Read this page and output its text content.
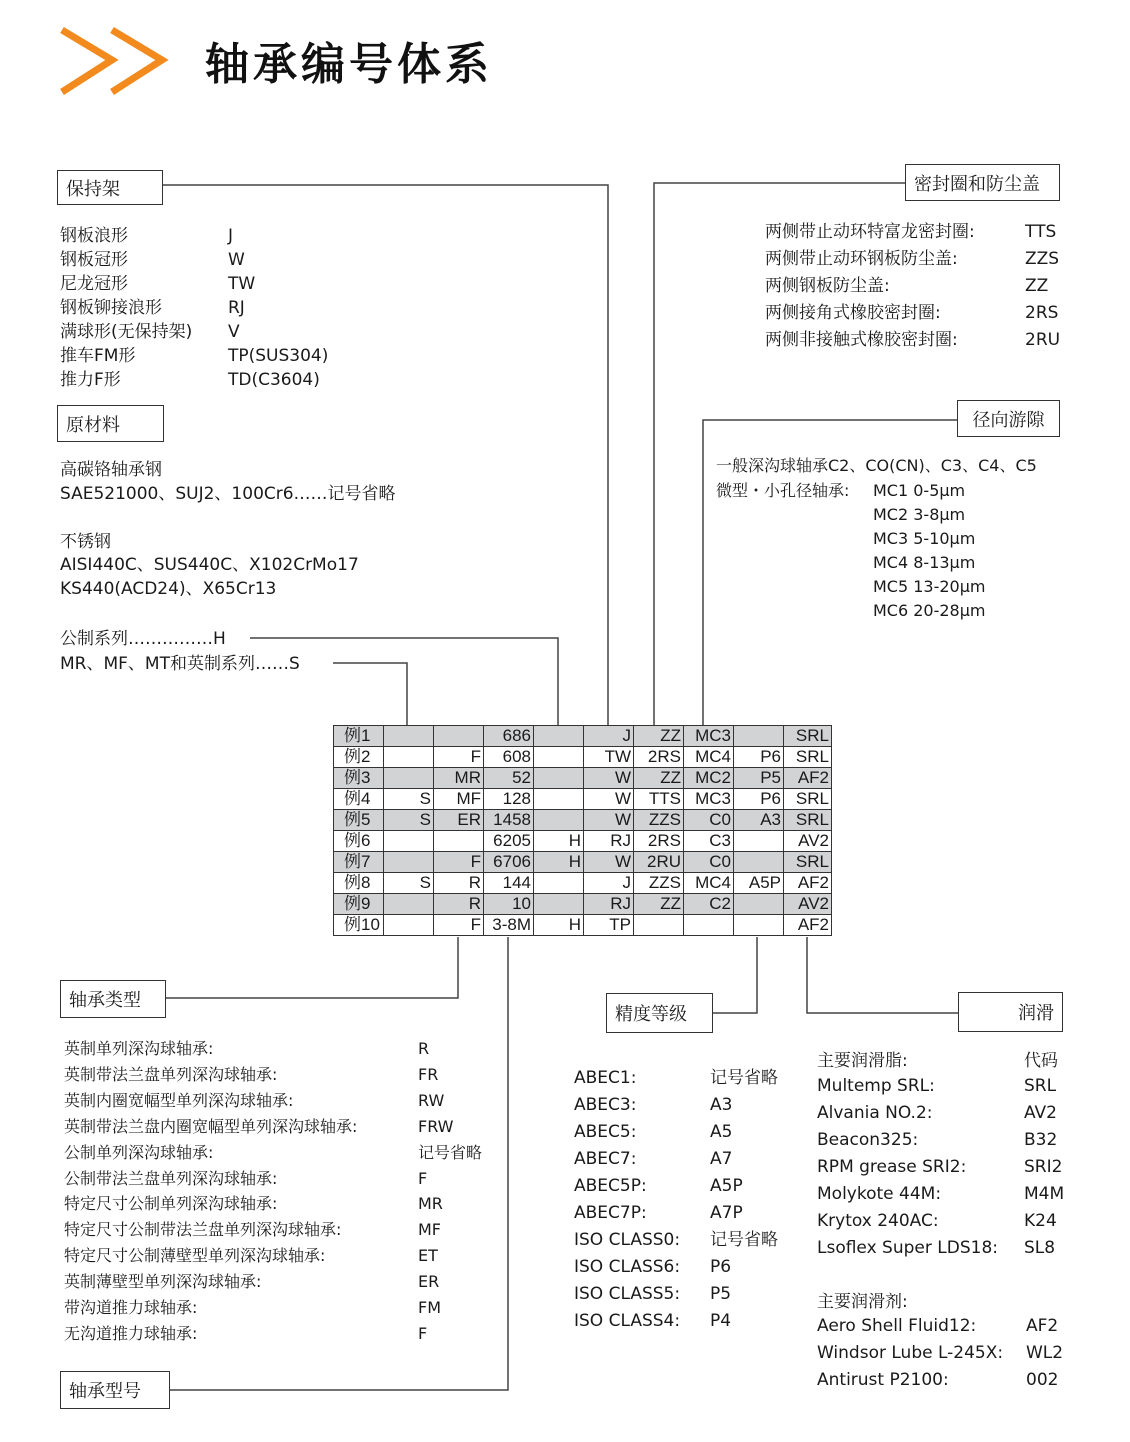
轴承编号体系
保持架
钢板浪形	J
钢板冠形	W
尼龙冠形	TW
钢板铆接浪形	RJ
满球形(无保持架) V
推车FM形	TP(SUS304)
推力F形	TD(C3604)
原材料
高碳铬轴承钢
SAE521000、SUJ2、100Cr6……记号省略
不锈钢
AISI440C、SUS440C、X102CrMo17
KS440(ACD24)、X65Cr13
公制系列……………H
MR、MF、MT和英制系列……S
密封圈和防尘盖
两侧带止动环特富龙密封圈:	TTS
两侧带止动环钢板防尘盖:	ZZS
两侧钢板防尘盖:	ZZ
两侧接角式橡胶密封圈:	2RS
两侧非接触式橡胶密封圈:	2RU
径向游隙
一般深沟球轴承C2、CO(CN)、C3、C4、C5
微型・小孔径轴承: MC1 0-5μm
MC2 3-8μm
MC3 5-10μm
MC4 8-13μm
MC5 13-20μm
MC6 20-28μm
例1			686		J	ZZ	MC3		SRL
例2		F	608		TW	2RS	MC4	P6	SRL
例3		MR	52		W	ZZ	MC2	P5	AF2
例4	S	MF	128		W	TTS	MC3	P6	SRL
例5	S	ER	1458		W	ZZS	C0	A3	SRL
例6			6205	H	RJ	2RS	C3		AV2
例7		F	6706	H	W	2RU	C0		SRL
例8	S	R	144		J	ZZS	MC4	A5P	AF2
例9		R	10		RJ	ZZ	C2		AV2
例10		F	3-8M	H	TP				AF2
轴承类型
英制单列深沟球轴承:	R
英制带法兰盘单列深沟球轴承:	FR
英制内圈宽幅型单列深沟球轴承:	RW
英制带法兰盘内圈宽幅型单列深沟球轴承:	FRW
公制单列深沟球轴承:	记号省略
公制带法兰盘单列深沟球轴承:	F
特定尺寸公制单列深沟球轴承:	MR
特定尺寸公制带法兰盘单列深沟球轴承:	MF
特定尺寸公制薄壁型单列深沟球轴承:	ET
英制薄壁型单列深沟球轴承:	ER
带沟道推力球轴承:	FM
无沟道推力球轴承:	F
轴承型号
精度等级
ABEC1:	记号省略
ABEC3:	A3
ABEC5:	A5
ABEC7:	A7
ABEC5P:	A5P
ABEC7P:	A7P
ISO CLASS0: 记号省略
ISO CLASS6: P6
ISO CLASS5: P5
ISO CLASS4: P4
润滑
主要润滑脂:	代码
Multemp SRL:	SRL
Alvania NO.2:	AV2
Beacon325:	B32
RPM grease SRI2:	SRI2
Molykote 44M:	M4M
Krytox 240AC:	K24
Lsoflex Super LDS18: SL8
主要润滑剂:
Aero Shell Fluid12:	AF2
Windsor Lube L-245X: WL2
Antirust P2100:	002
